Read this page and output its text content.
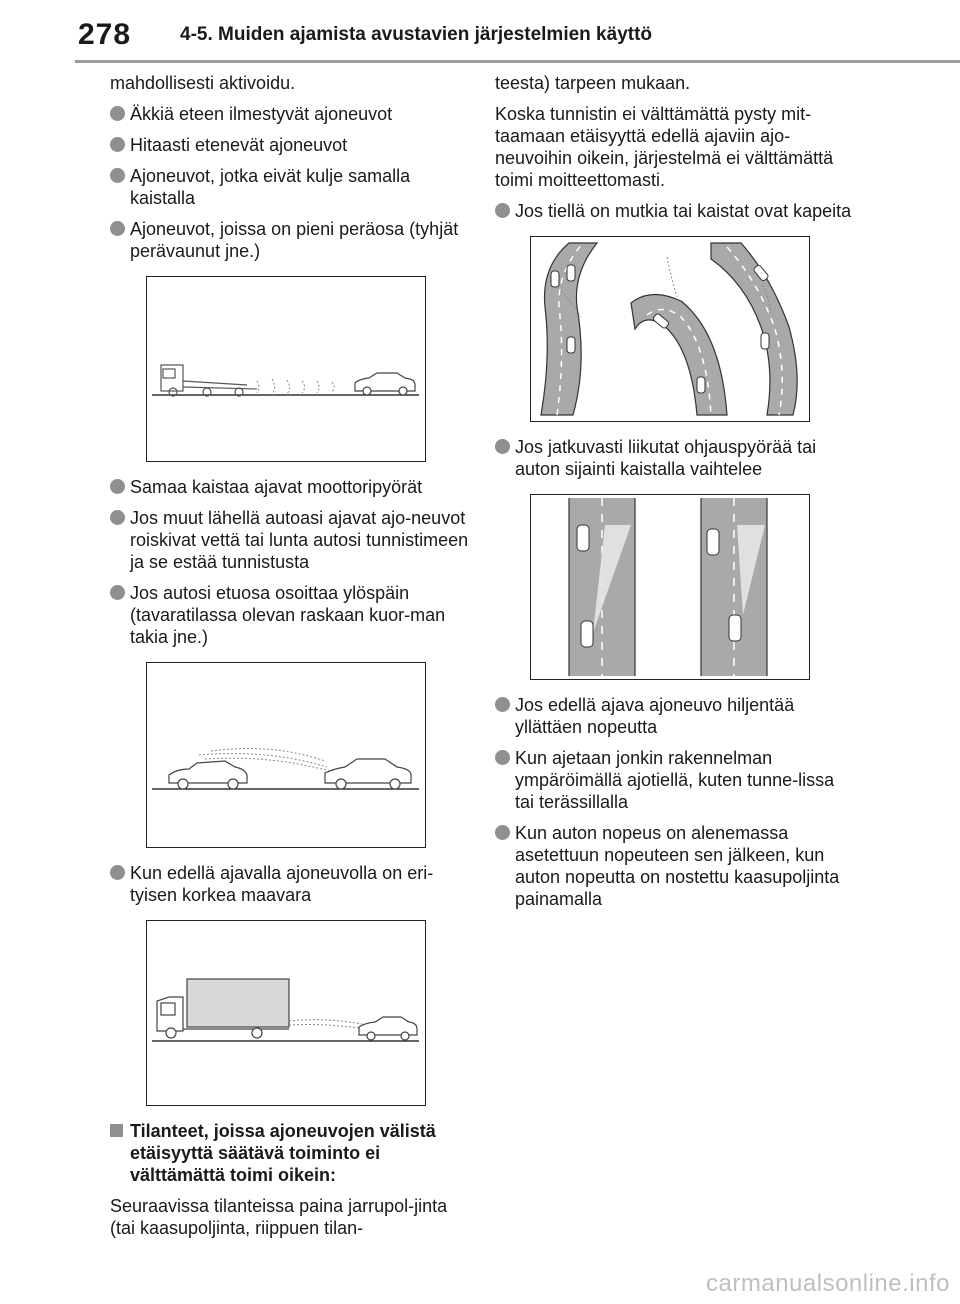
278	4-5. Muiden ajamista avustavien järjestelmien käyttö

mahdollisesti aktivoidu.

Äkkiä eteen ilmestyvät ajoneuvot
Hitaasti etenevät ajoneuvot
Ajoneuvot, jotka eivät kulje samalla kaistalla
Ajoneuvot, joissa on pieni peräosa (tyhjät perävaunut jne.)
Samaa kaistaa ajavat moottoripyörät
Jos muut lähellä autoasi ajavat ajo-neuvot roiskivat vettä tai lunta autosi tunnistimeen ja se estää tunnistusta
Jos autosi etuosa osoittaa ylöspäin (tavaratilassa olevan raskaan kuor-man takia jne.)
Kun edellä ajavalla ajoneuvolla on eri-tyisen korkea maavara
Tilanteet, joissa ajoneuvojen välistä etäisyyttä säätävä toiminto ei välttämättä toimi oikein:

Seuraavissa tilanteissa paina jarrupol-jinta (tai kaasupoljinta, riippuen tilan-

teesta) tarpeen mukaan.

Koska tunnistin ei välttämättä pysty mit-taamaan etäisyyttä edellä ajaviin ajo-neuvoihin oikein, järjestelmä ei välttämättä toimi moitteettomasti.

Jos tiellä on mutkia tai kaistat ovat kapeita
Jos jatkuvasti liikutat ohjauspyörää tai auton sijainti kaistalla vaihtelee
Jos edellä ajava ajoneuvo hiljentää yllättäen nopeutta
Kun ajetaan jonkin rakennelman ympäröimällä ajotiellä, kuten tunne-lissa tai terässillalla
Kun auton nopeus on alenemassa asetettuun nopeuteen sen jälkeen, kun auton nopeutta on nostettu kaasupoljinta painamalla
carmanualsonline.info
